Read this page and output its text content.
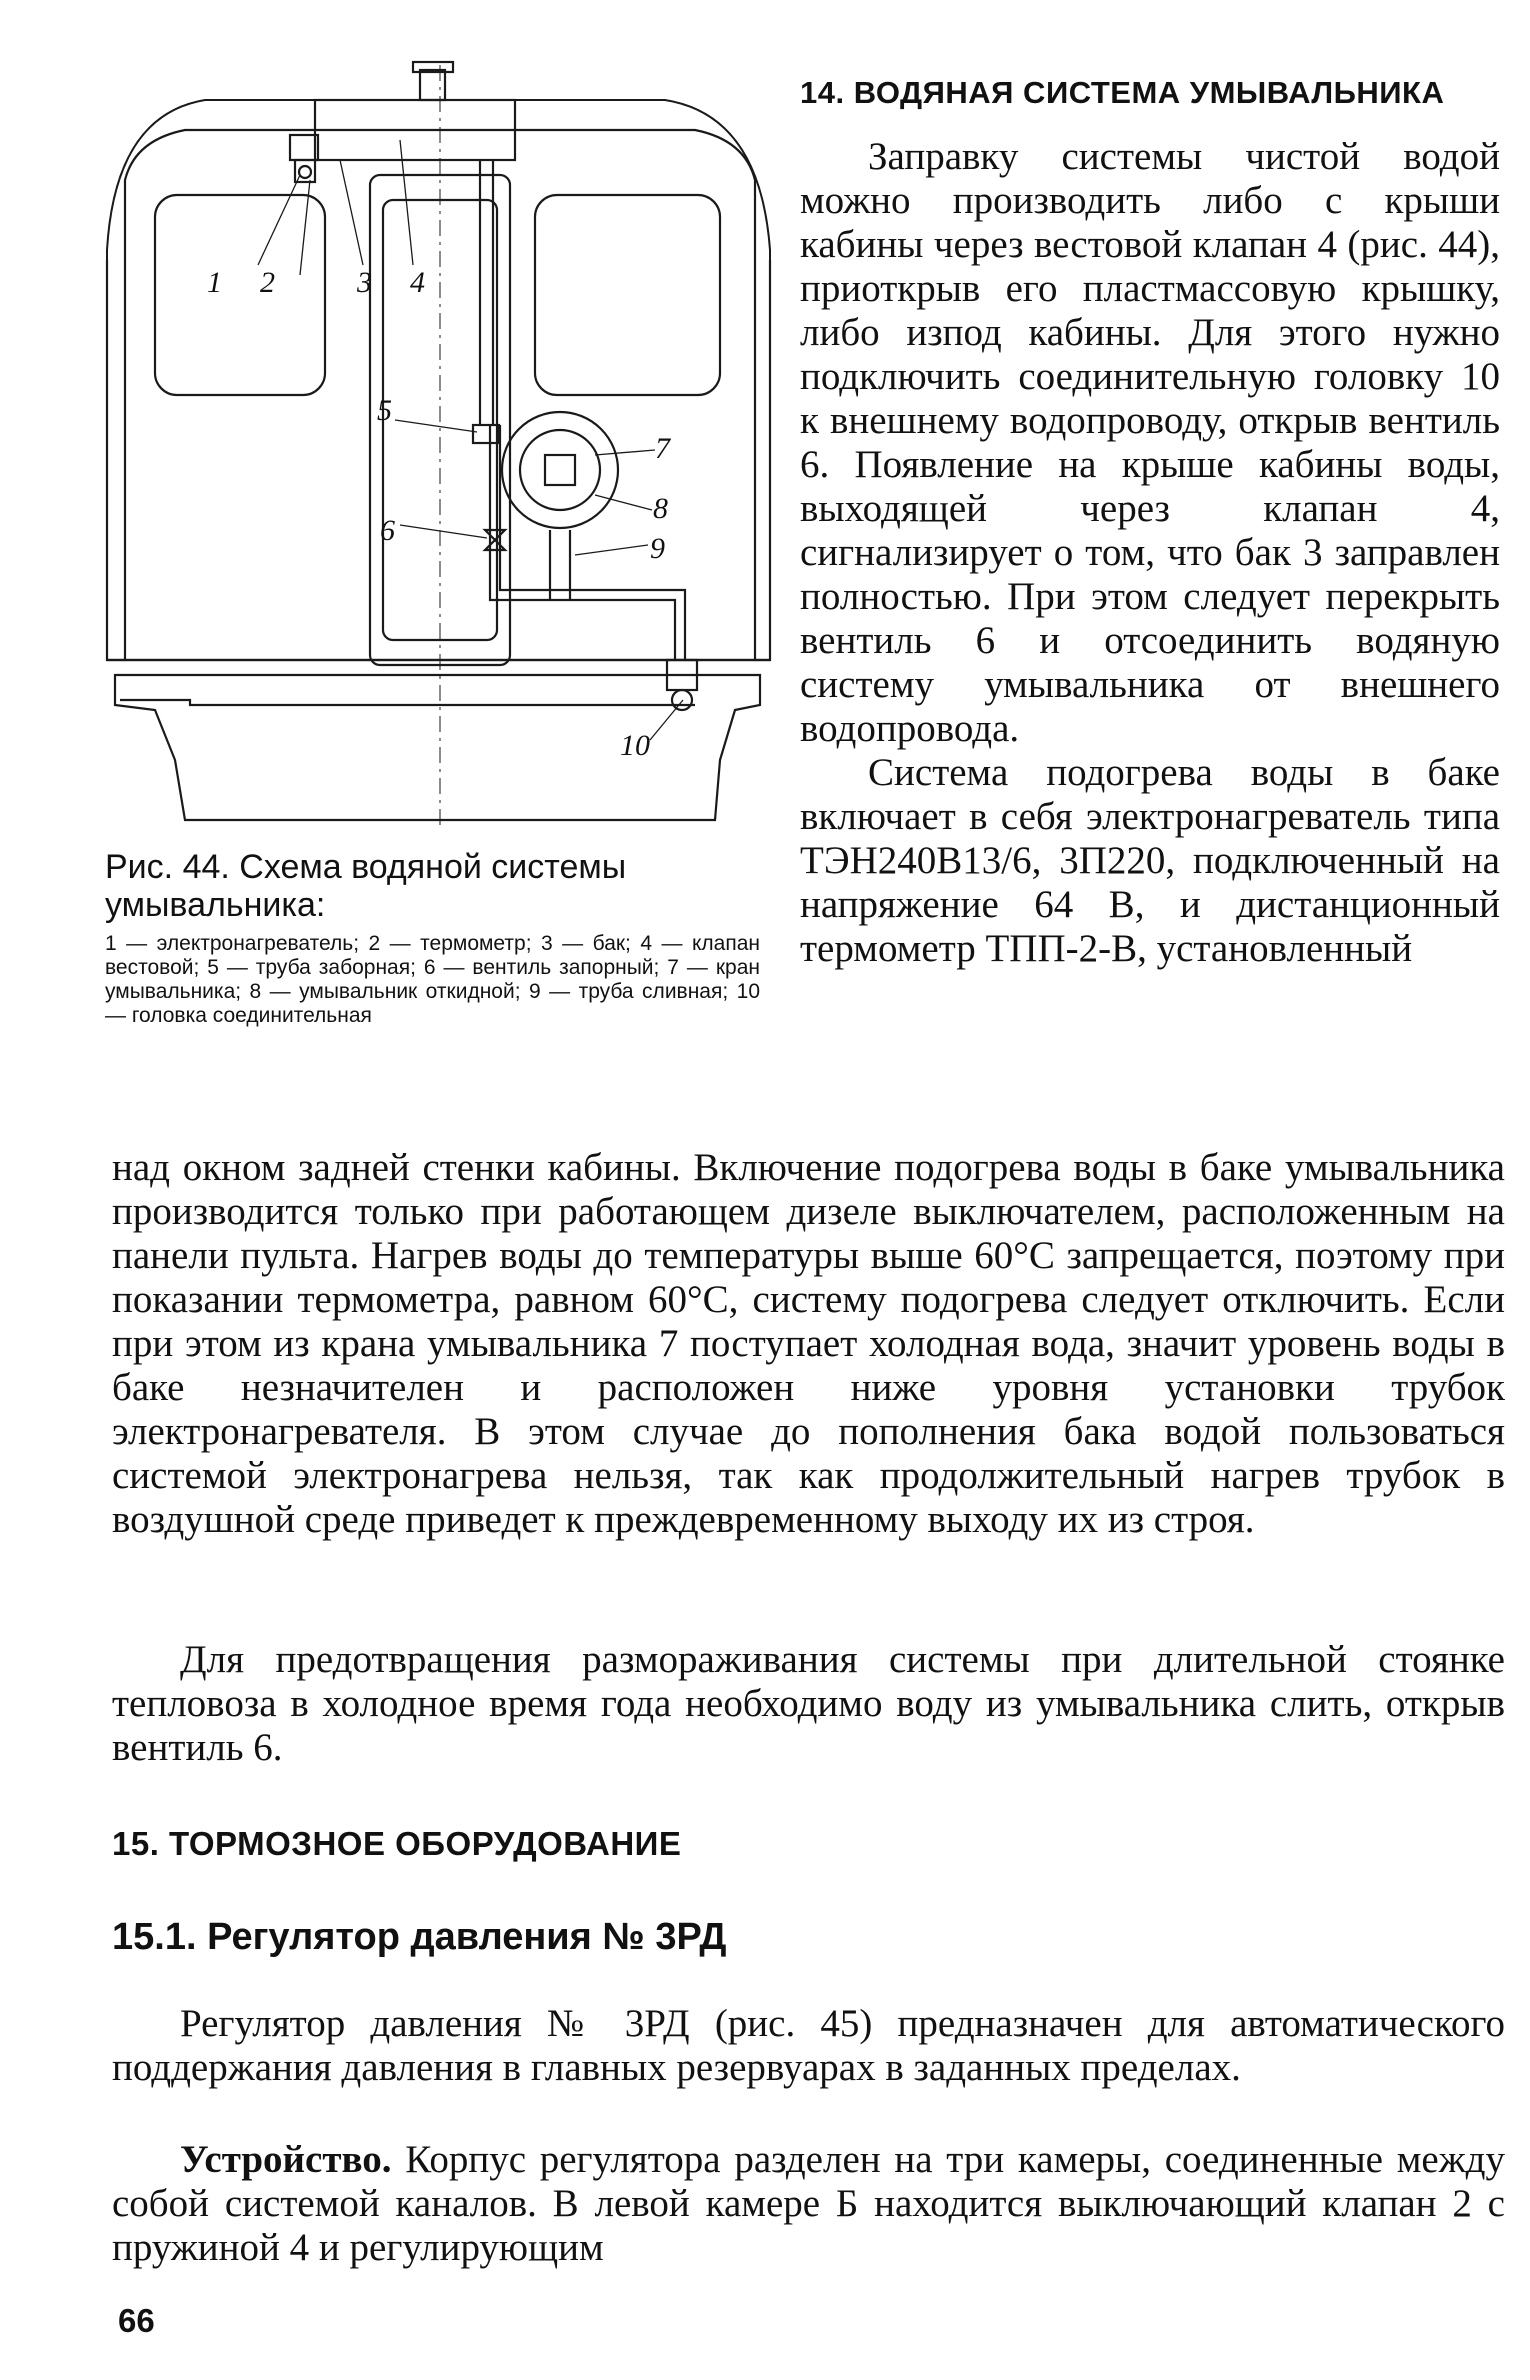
1 2	3 4
5
6
7
8
9
10

Рис. 44. Схема водяной системы умывальника:

1 — электронагреватель; 2 — термометр; 3 — бак; 4 — клапан вестовой; 5 — труба заборная; 6 — вентиль запорный; 7 — кран умывальника; 8 — умывальник откидной; 9 — труба сливная; 10 — головка соединительная

14. ВОДЯНАЯ СИСТЕМА УМЫВАЛЬНИКА

Заправку системы чистой водой можно производить либо с крыши кабины через вестовой клапан 4 (рис. 44), приоткрыв его пластмассовую крышку, либо изпод кабины. Для этого нужно подключить соединительную головку 10 к внешнему водопроводу, открыв вентиль 6. Появление на крыше кабины воды, выходящей через клапан 4, сигнализирует о том, что бак 3 заправлен полностью. При этом следует перекрыть вентиль 6 и отсоединить водяную систему умывальника от внешнего водопровода.

Система подогрева воды в баке включает в себя электронагреватель типа ТЭН240В13/6, 3П220, подключенный на напряжение 64 В, и дистанционный термометр ТПП-2-В, установленный

над окном задней стенки кабины. Включение подогрева воды в баке умывальника производится только при работающем дизеле выключателем, расположенным на панели пульта. Нагрев воды до температуры выше 60°С запрещается, поэтому при показании термометра, равном 60°С, систему подогрева следует отключить. Если при этом из крана умывальника 7 поступает холодная вода, значит уровень воды в баке незначителен и расположен ниже уровня установки трубок электронагревателя. В этом случае до пополнения бака водой пользоваться системой электронагрева нельзя, так как продолжительный нагрев трубок в воздушной среде приведет к преждевременному выходу их из строя.

Для предотвращения размораживания системы при длительной стоянке тепловоза в холодное время года необходимо воду из умывальника слить, открыв вентиль 6.

15. ТОРМОЗНОЕ ОБОРУДОВАНИЕ
15.1. Регулятор давления № 3РД

Регулятор давления № 3РД (рис. 45) предназначен для автоматического поддержания давления в главных резервуарах в заданных пределах.

Устройство. Корпус регулятора разделен на три камеры, соединенные между собой системой каналов. В левой камере Б находится выключающий клапан 2 с пружиной 4 и регулирующим

66
